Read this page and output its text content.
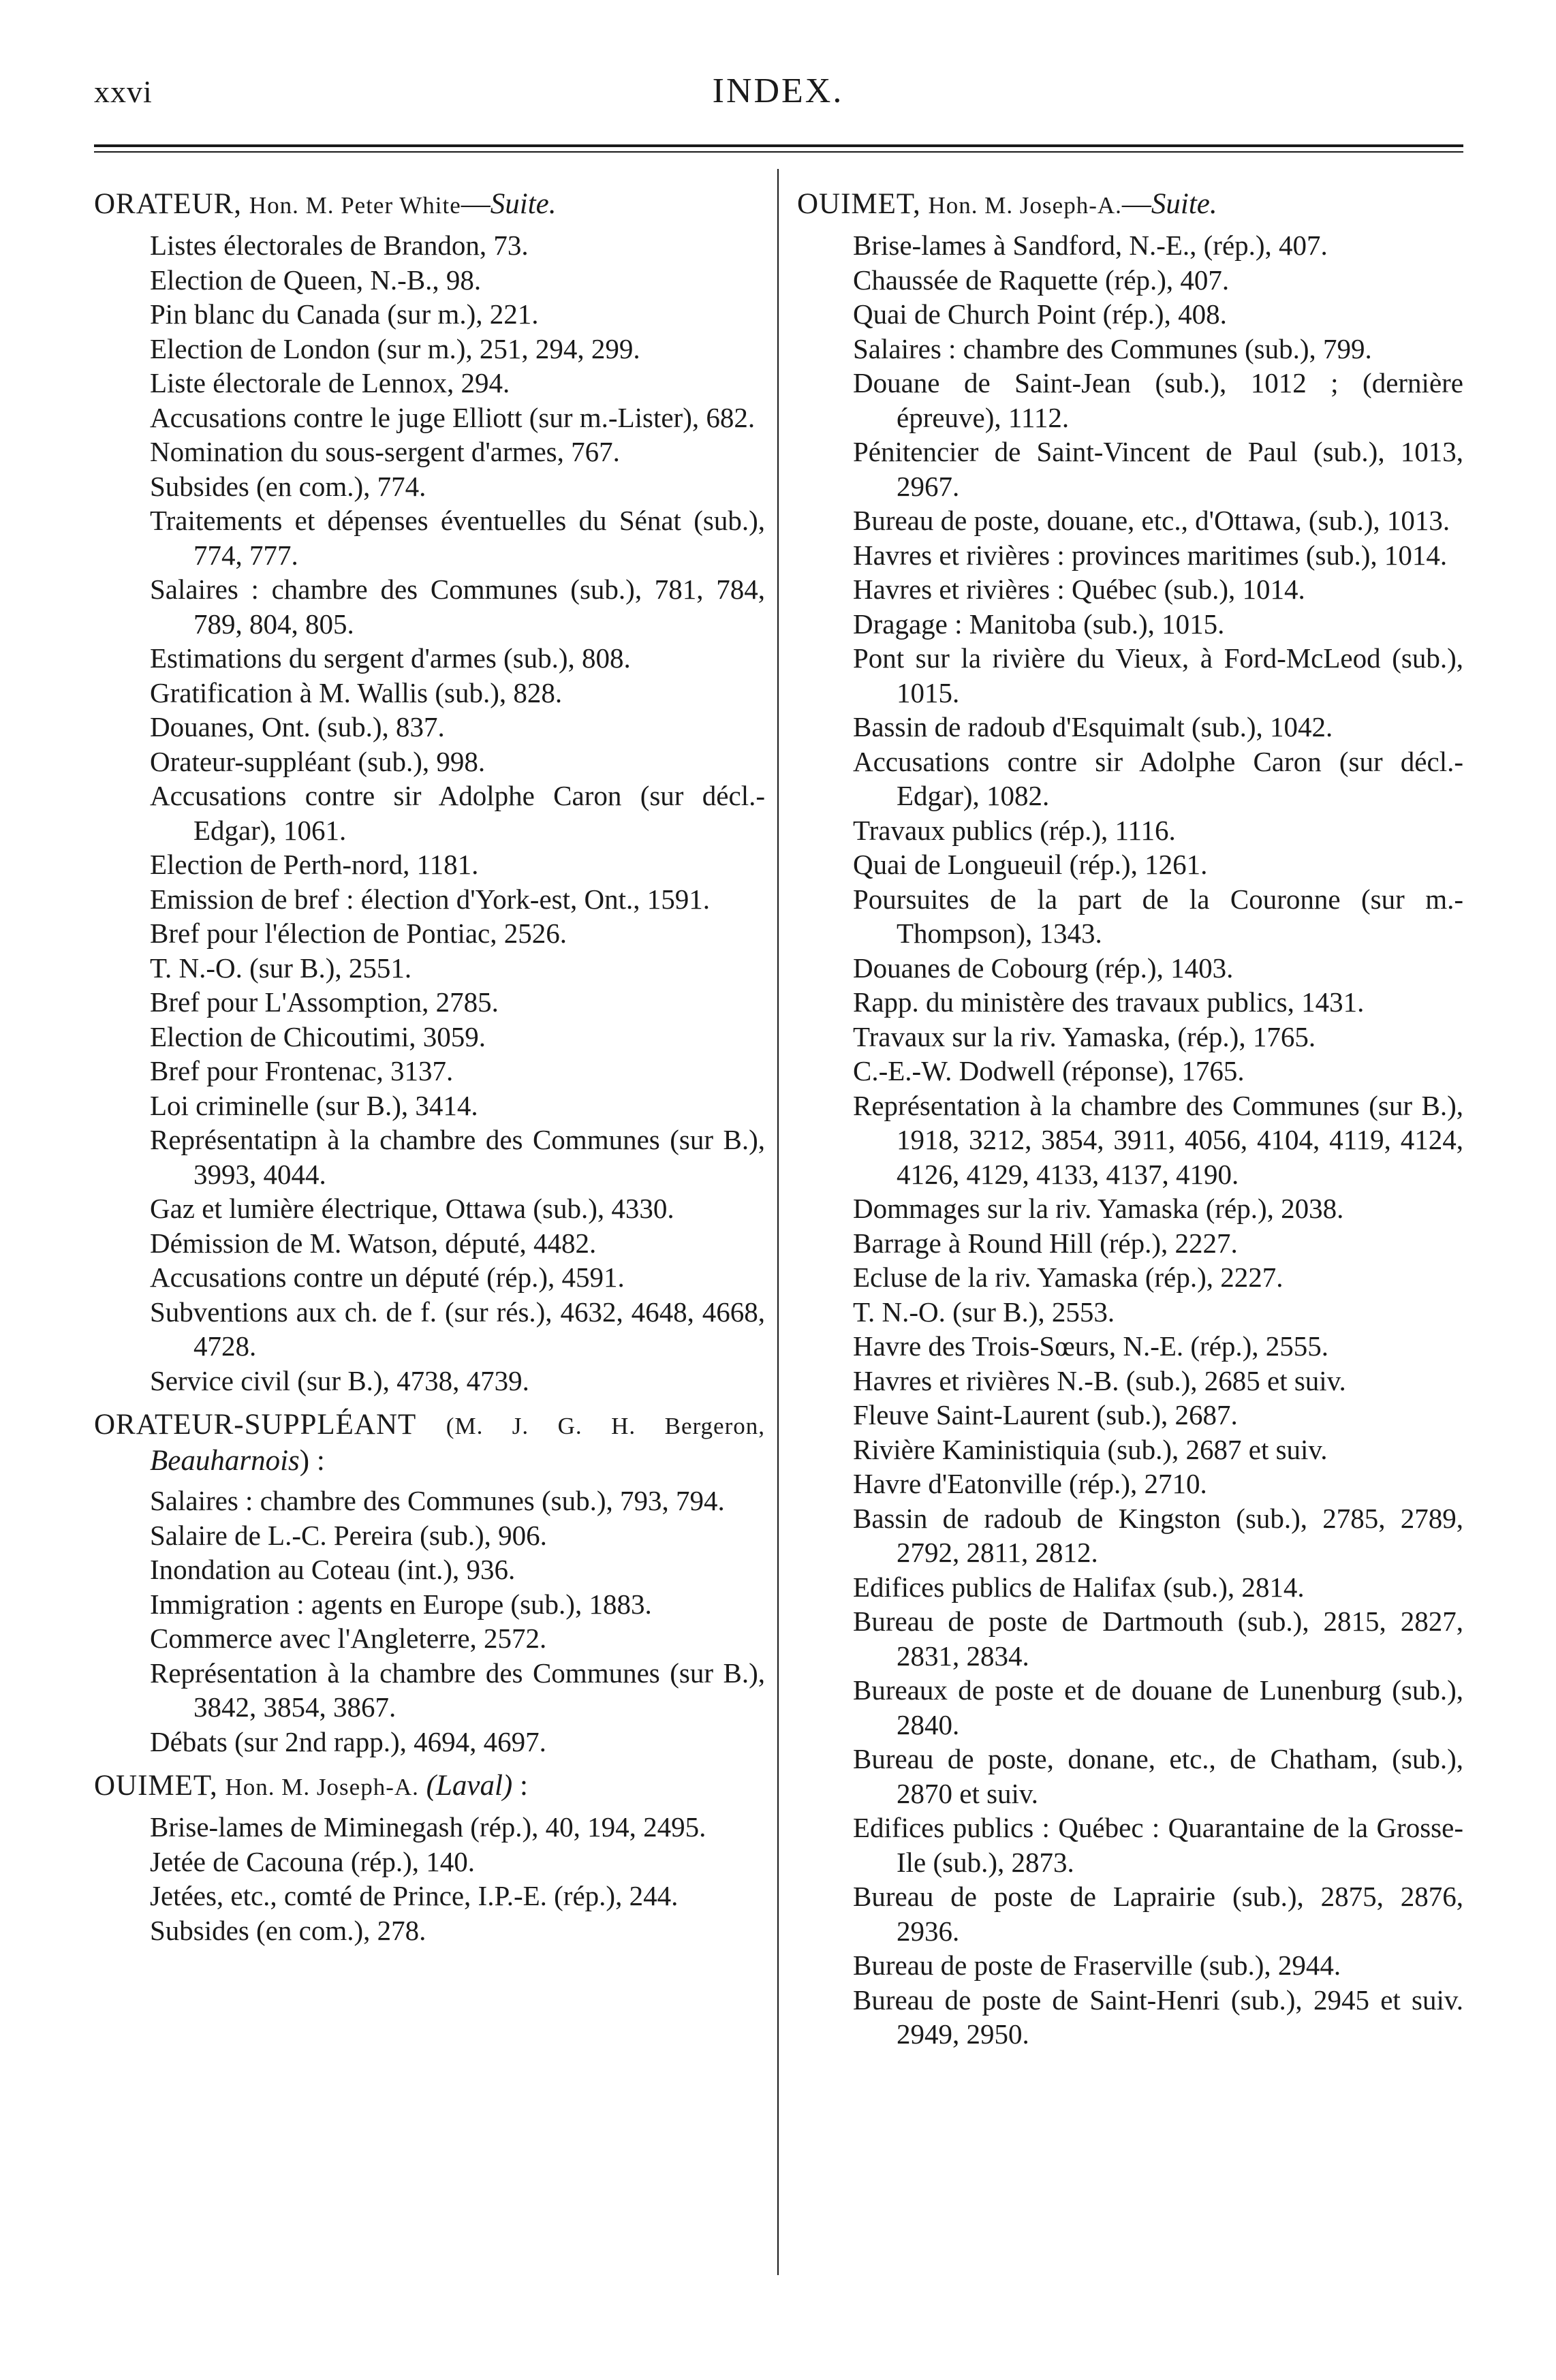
xxvi	INDEX.
ORATEUR, Hon. M. Peter White—Suite.

Listes électorales de Brandon, 73.

Election de Queen, N.-B., 98.

Pin blanc du Canada (sur m.), 221.

Election de London (sur m.), 251, 294, 299.

Liste électorale de Lennox, 294.

Accusations contre le juge Elliott (sur m.-Lister), 682.

Nomination du sous-sergent d'armes, 767.

Subsides (en com.), 774.

Traitements et dépenses éventuelles du Sénat (sub.), 774, 777.

Salaires : chambre des Communes (sub.), 781, 784, 789, 804, 805.

Estimations du sergent d'armes (sub.), 808.

Gratification à M. Wallis (sub.), 828.

Douanes, Ont. (sub.), 837.

Orateur-suppléant (sub.), 998.

Accusations contre sir Adolphe Caron (sur décl.-Edgar), 1061.

Election de Perth-nord, 1181.

Emission de bref : élection d'York-est, Ont., 1591.

Bref pour l'élection de Pontiac, 2526.

T. N.-O. (sur B.), 2551.

Bref pour L'Assomption, 2785.

Election de Chicoutimi, 3059.

Bref pour Frontenac, 3137.

Loi criminelle (sur B.), 3414.

Représentatipn à la chambre des Communes (sur B.), 3993, 4044.

Gaz et lumière électrique, Ottawa (sub.), 4330.

Démission de M. Watson, député, 4482.

Accusations contre un député (rép.), 4591.

Subventions aux ch. de f. (sur rés.), 4632, 4648, 4668, 4728.

Service civil (sur B.), 4738, 4739.

ORATEUR-SUPPLÉANT (M. J. G. H. Bergeron, Beauharnois) :

Salaires : chambre des Communes (sub.), 793, 794.

Salaire de L.-C. Pereira (sub.), 906.

Inondation au Coteau (int.), 936.

Immigration : agents en Europe (sub.), 1883.

Commerce avec l'Angleterre, 2572.

Représentation à la chambre des Communes (sur B.), 3842, 3854, 3867.

Débats (sur 2nd rapp.), 4694, 4697.

OUIMET, Hon. M. Joseph-A. (Laval) :

Brise-lames de Miminegash (rép.), 40, 194, 2495.

Jetée de Cacouna (rép.), 140.

Jetées, etc., comté de Prince, I.P.-E. (rép.), 244.

Subsides (en com.), 278.

OUIMET, Hon. M. Joseph-A.—Suite.

Brise-lames à Sandford, N.-E., (rép.), 407.

Chaussée de Raquette (rép.), 407.

Quai de Church Point (rép.), 408.

Salaires : chambre des Communes (sub.), 799.

Douane de Saint-Jean (sub.), 1012 ; (dernière épreuve), 1112.

Pénitencier de Saint-Vincent de Paul (sub.), 1013, 2967.

Bureau de poste, douane, etc., d'Ottawa, (sub.), 1013.

Havres et rivières : provinces maritimes (sub.), 1014.

Havres et rivières : Québec (sub.), 1014.

Dragage : Manitoba (sub.), 1015.

Pont sur la rivière du Vieux, à Ford-McLeod (sub.), 1015.

Bassin de radoub d'Esquimalt (sub.), 1042.

Accusations contre sir Adolphe Caron (sur décl.-Edgar), 1082.

Travaux publics (rép.), 1116.

Quai de Longueuil (rép.), 1261.

Poursuites de la part de la Couronne (sur m.-Thompson), 1343.

Douanes de Cobourg (rép.), 1403.

Rapp. du ministère des travaux publics, 1431.

Travaux sur la riv. Yamaska, (rép.), 1765.

C.-E.-W. Dodwell (réponse), 1765.

Représentation à la chambre des Communes (sur B.), 1918, 3212, 3854, 3911, 4056, 4104, 4119, 4124, 4126, 4129, 4133, 4137, 4190.

Dommages sur la riv. Yamaska (rép.), 2038.

Barrage à Round Hill (rép.), 2227.

Ecluse de la riv. Yamaska (rép.), 2227.

T. N.-O. (sur B.), 2553.

Havre des Trois-Sœurs, N.-E. (rép.), 2555.

Havres et rivières N.-B. (sub.), 2685 et suiv.

Fleuve Saint-Laurent (sub.), 2687.

Rivière Kaministiquia (sub.), 2687 et suiv.

Havre d'Eatonville (rép.), 2710.

Bassin de radoub de Kingston (sub.), 2785, 2789, 2792, 2811, 2812.

Edifices publics de Halifax (sub.), 2814.

Bureau de poste de Dartmouth (sub.), 2815, 2827, 2831, 2834.

Bureaux de poste et de douane de Lunenburg (sub.), 2840.

Bureau de poste, donane, etc., de Chatham, (sub.), 2870 et suiv.

Edifices publics : Québec : Quarantaine de la Grosse-Ile (sub.), 2873.

Bureau de poste de Laprairie (sub.), 2875, 2876, 2936.

Bureau de poste de Fraserville (sub.), 2944.

Bureau de poste de Saint-Henri (sub.), 2945 et suiv. 2949, 2950.
